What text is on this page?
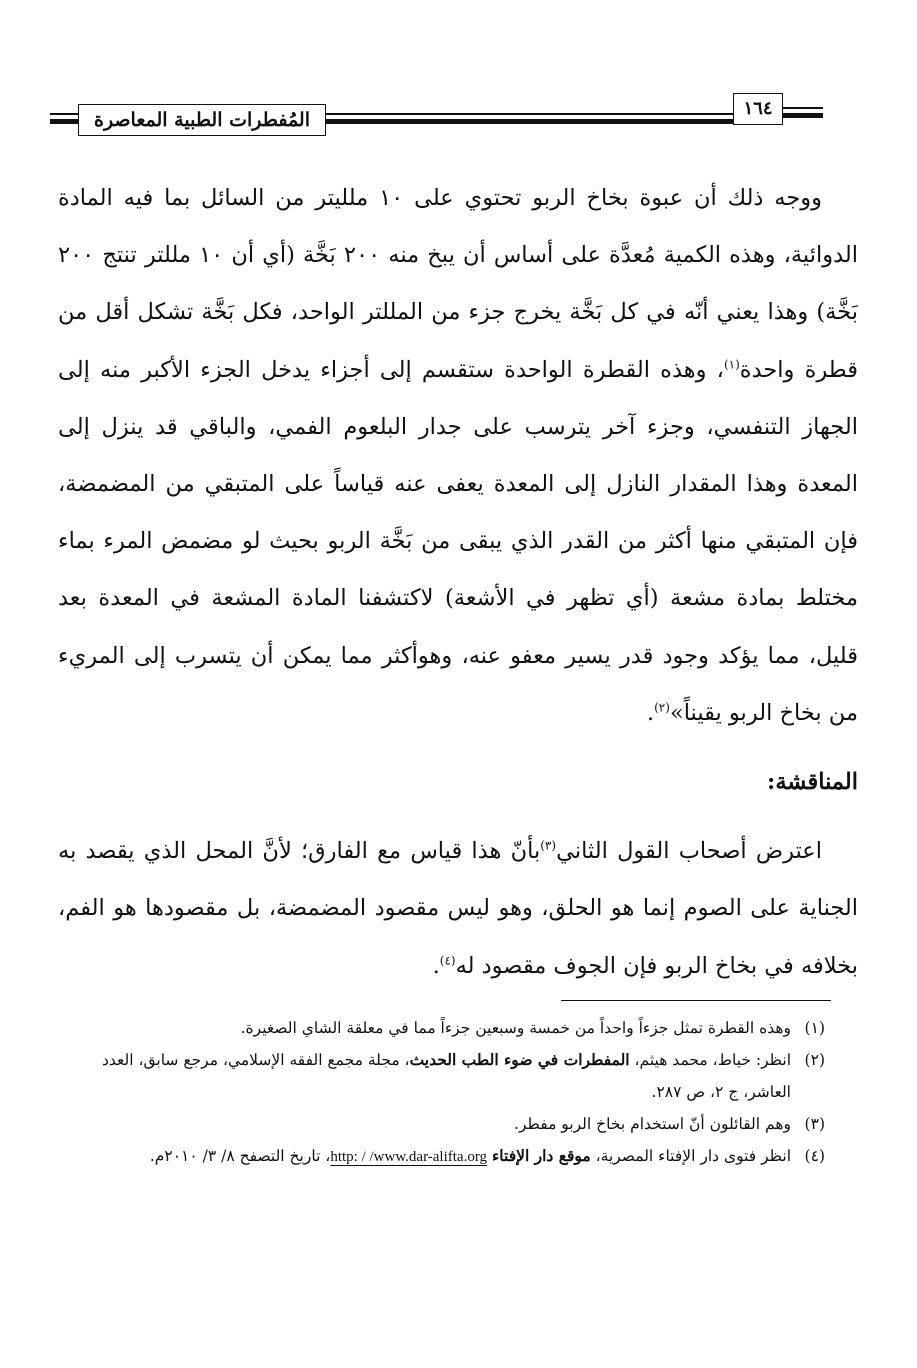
المُفطرات الطبية المعاصرة
١٦٤

ووجه ذلك أن عبوة بخاخ الربو تحتوي على ١٠ ملليتر من السائل بما فيه المادة الدوائية، وهذه الكمية مُعدَّة على أساس أن يبخ منه ٢٠٠ بَخَّة (أي أن ١٠ مللتر تنتج ٢٠٠ بَخَّة) وهذا يعني أنّه في كل بَخَّة يخرج جزء من المللتر الواحد، فكل بَخَّة تشكل أقل من قطرة واحدة$^{(١)}$، وهذه القطرة الواحدة ستقسم إلى أجزاء يدخل الجزء الأكبر منه إلى الجهاز التنفسي، وجزء آخر يترسب على جدار البلعوم الفمي، والباقي قد ينزل إلى المعدة وهذا المقدار النازل إلى المعدة يعفى عنه قياساً على المتبقي من المضمضة، فإن المتبقي منها أكثر من القدر الذي يبقى من بَخَّة الربو بحيث لو مضمض المرء بماء مختلط بمادة مشعة (أي تظهر في الأشعة) لاكتشفنا المادة المشعة في المعدة بعد قليل، مما يؤكد وجود قدر يسير معفو عنه، وهوأكثر مما يمكن أن يتسرب إلى المريء من بخاخ الربو يقيناً»$^{(٢)}$.

المناقشة:

اعترض أصحاب القول الثاني$^{(٣)}$بأنّ هذا قياس مع الفارق؛ لأنَّ المحل الذي يقصد به الجناية على الصوم إنما هو الحلق، وهو ليس مقصود المضمضة، بل مقصودها هو الفم، بخلافه في بخاخ الربو فإن الجوف مقصود له$^{(٤)}$.

(١)وهذه القطرة تمثل جزءاً واحداً من خمسة وسبعين جزءاً مما في معلقة الشاي الصغيرة.

(٢)انظر: خياط، محمد هيثم، المفطرات في ضوء الطب الحديث، مجلة مجمع الفقه الإسلامي، مرجع سابق، العدد العاشر، ج ٢، ص ٢٨٧.

(٣)وهم القائلون أنّ استخدام بخاخ الربو مفطر.

(٤)انظر فتوى دار الإفتاء المصرية، موقع دار الإفتاء http: / /www.dar-alifta.org، تاريخ التصفح ٨/ ٣/ ٢٠١٠م.
